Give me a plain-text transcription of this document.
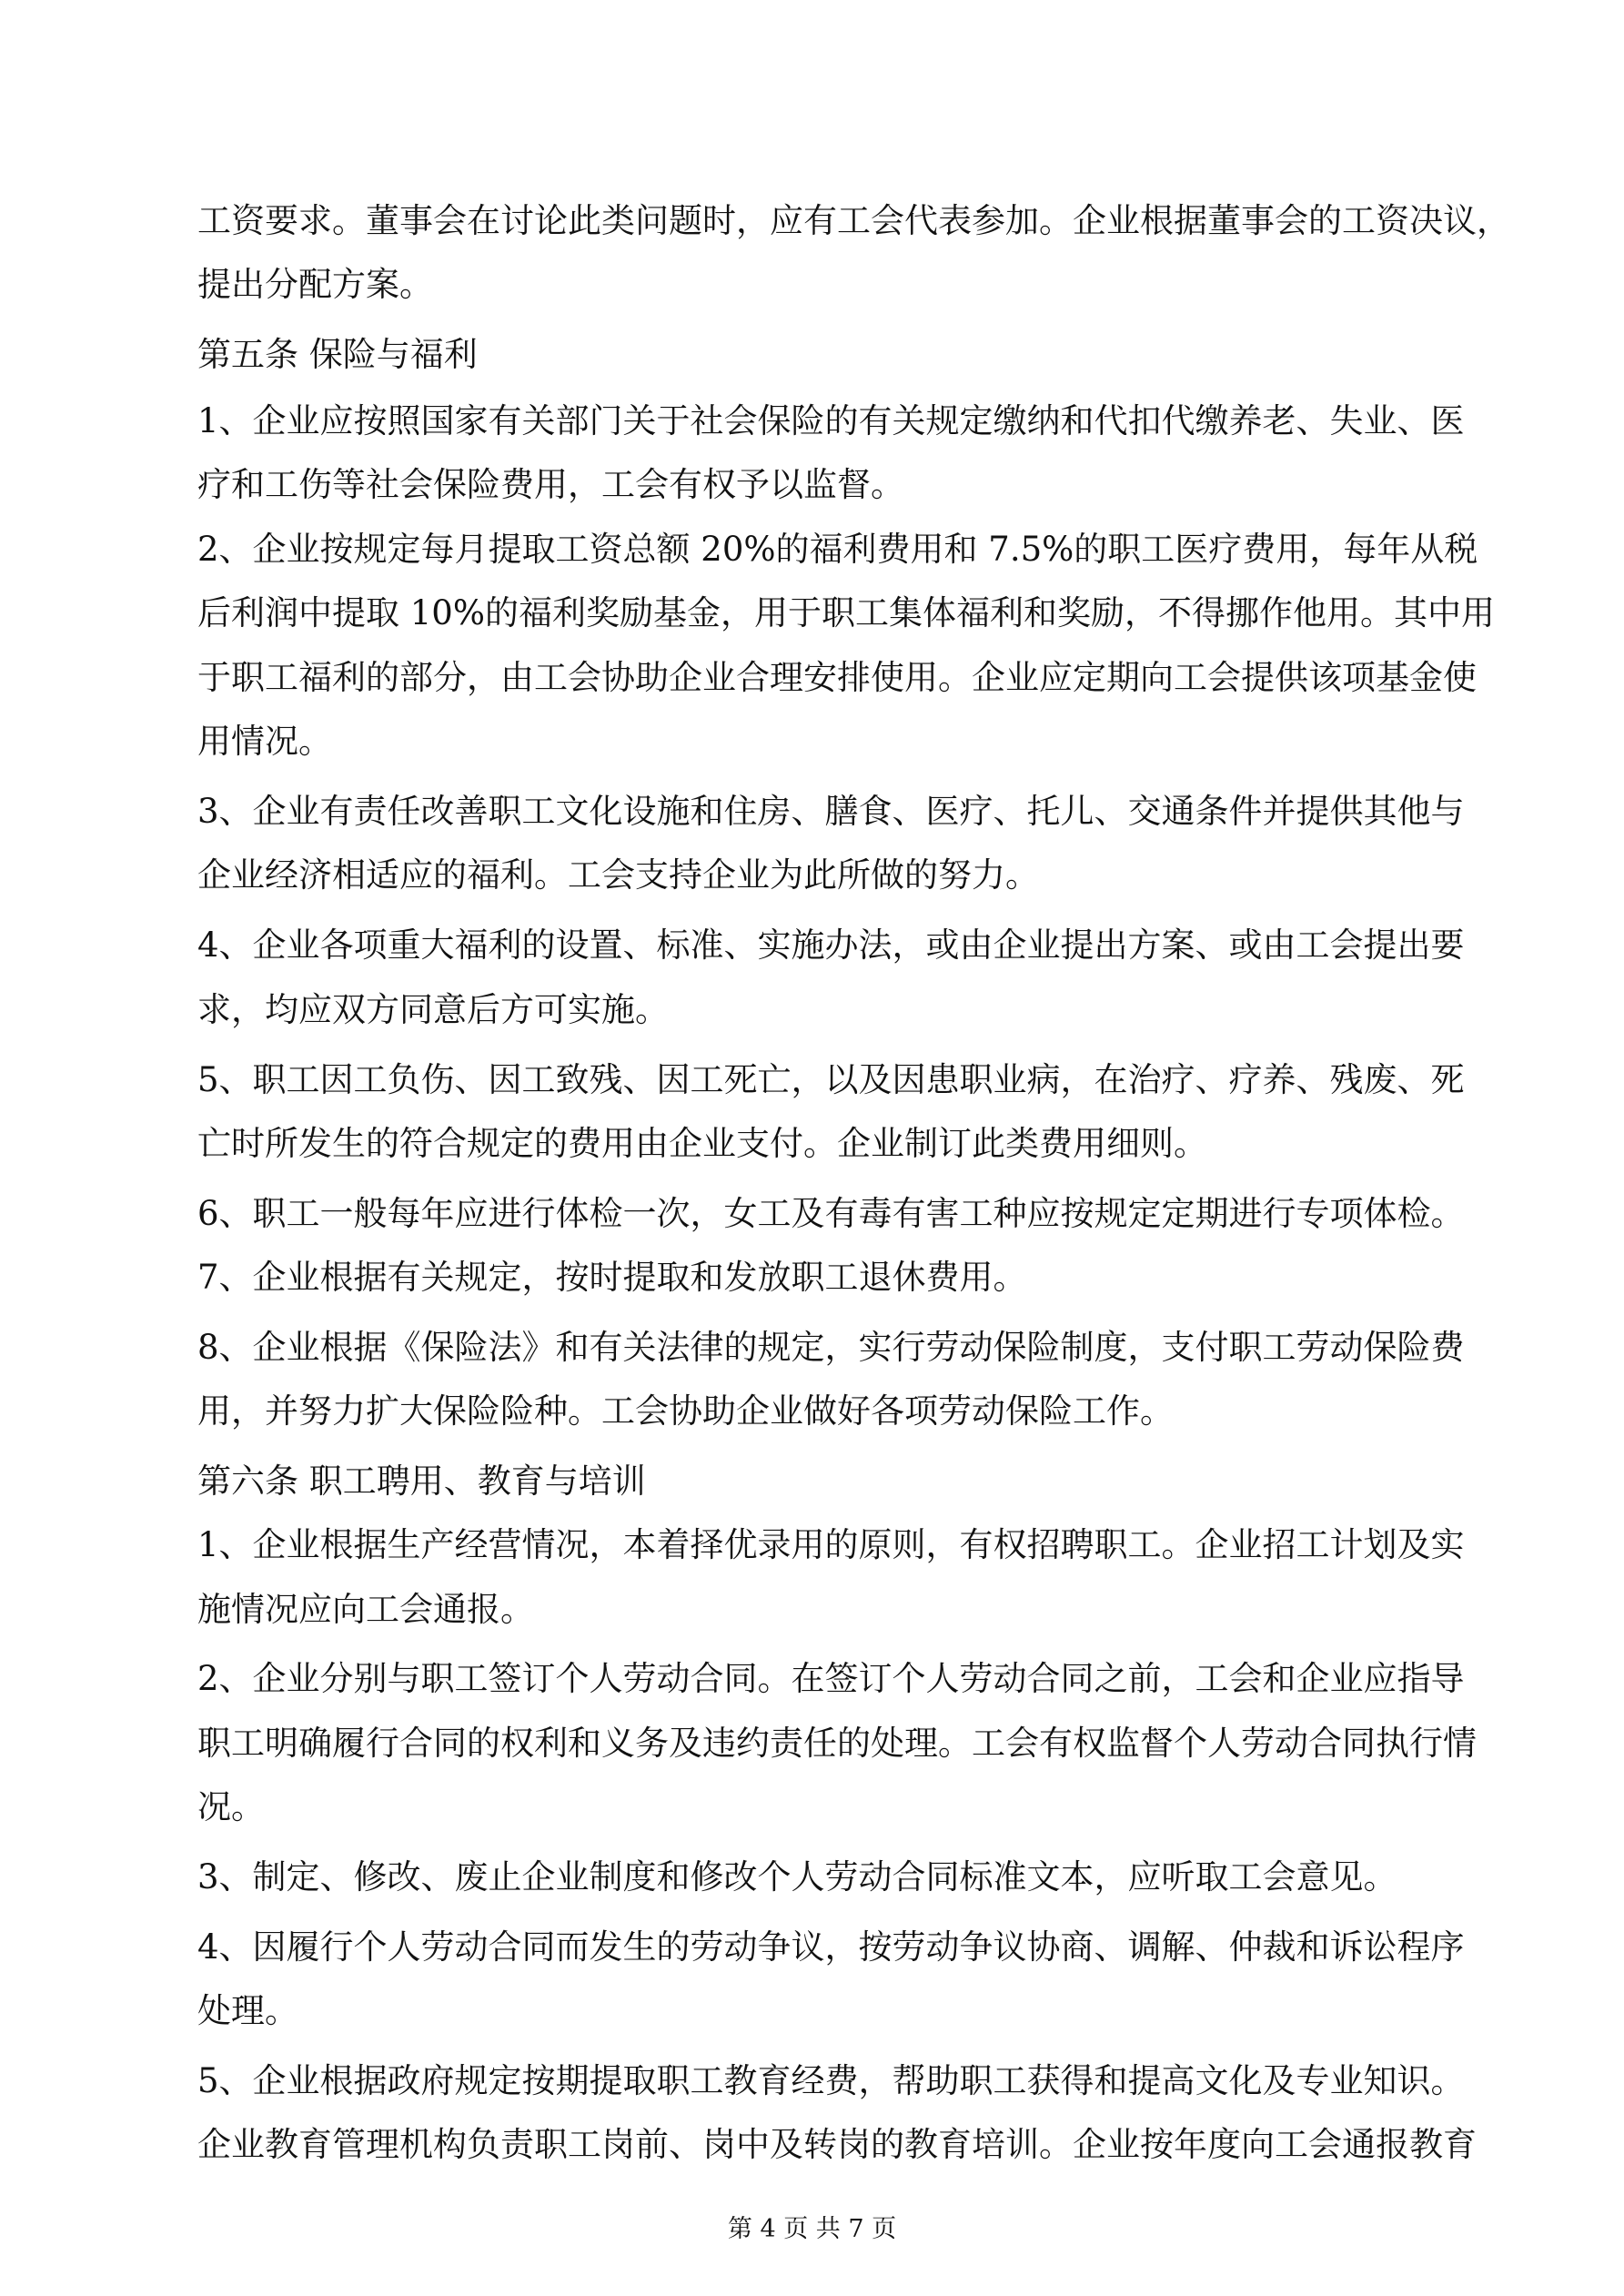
工资要求。董事会在讨论此类问题时，应有工会代表参加。企业根据董事会的工资决议，
提出分配方案。
第五条 保险与福利
1、企业应按照国家有关部门关于社会保险的有关规定缴纳和代扣代缴养老、失业、医
疗和工伤等社会保险费用，工会有权予以监督。
2、企业按规定每月提取工资总额 20%的福利费用和 7.5%的职工医疗费用，每年从税
后利润中提取 10%的福利奖励基金，用于职工集体福利和奖励，不得挪作他用。其中用
于职工福利的部分，由工会协助企业合理安排使用。企业应定期向工会提供该项基金使
用情况。
3、企业有责任改善职工文化设施和住房、膳食、医疗、托儿、交通条件并提供其他与
企业经济相适应的福利。工会支持企业为此所做的努力。
4、企业各项重大福利的设置、标准、实施办法，或由企业提出方案、或由工会提出要
求，均应双方同意后方可实施。
5、职工因工负伤、因工致残、因工死亡，以及因患职业病，在治疗、疗养、残废、死
亡时所发生的符合规定的费用由企业支付。企业制订此类费用细则。
6、职工一般每年应进行体检一次，女工及有毒有害工种应按规定定期进行专项体检。
7、企业根据有关规定，按时提取和发放职工退休费用。
8、企业根据《保险法》和有关法律的规定，实行劳动保险制度，支付职工劳动保险费
用，并努力扩大保险险种。工会协助企业做好各项劳动保险工作。
第六条 职工聘用、教育与培训
1、企业根据生产经营情况，本着择优录用的原则，有权招聘职工。企业招工计划及实
施情况应向工会通报。
2、企业分别与职工签订个人劳动合同。在签订个人劳动合同之前，工会和企业应指导
职工明确履行合同的权利和义务及违约责任的处理。工会有权监督个人劳动合同执行情
况。
3、制定、修改、废止企业制度和修改个人劳动合同标准文本，应听取工会意见。
4、因履行个人劳动合同而发生的劳动争议，按劳动争议协商、调解、仲裁和诉讼程序
处理。
5、企业根据政府规定按期提取职工教育经费，帮助职工获得和提高文化及专业知识。
企业教育管理机构负责职工岗前、岗中及转岗的教育培训。企业按年度向工会通报教育
第 4 页 共 7 页
